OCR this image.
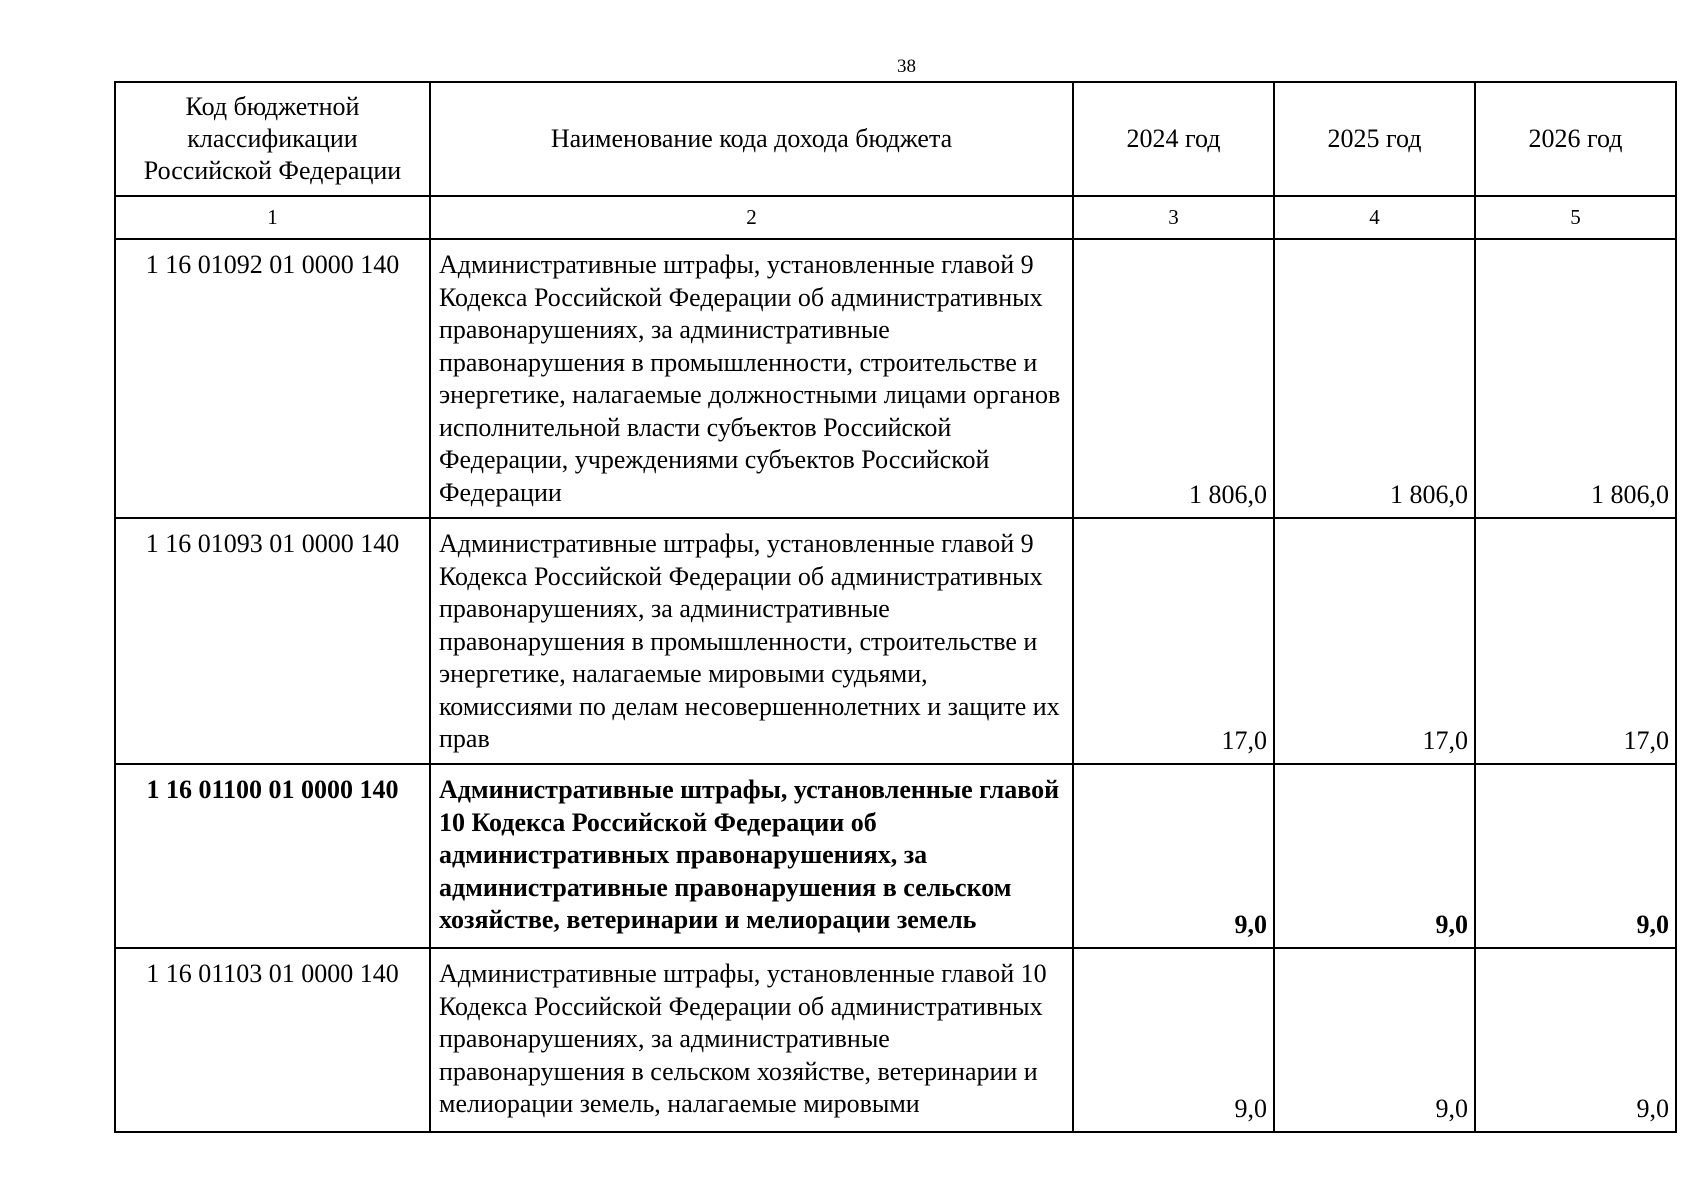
38
Код бюджетной классификации Российской Федерации	Наименование кода дохода бюджета	2024 год	2025 год	2026 год
1	2	3	4	5
1 16 01092 01 0000 140	Административные штрафы, установленные главой 9 Кодекса Российской Федерации об административных правонарушениях, за административные правонарушения в промышленности, строительстве и энергетике, налагаемые должностными лицами органов исполнительной власти субъектов Российской Федерации, учреждениями субъектов Российской Федерации	1 806,0	1 806,0	1 806,0
1 16 01093 01 0000 140	Административные штрафы, установленные главой 9 Кодекса Российской Федерации об административных правонарушениях, за административные правонарушения в промышленности, строительстве и энергетике, налагаемые мировыми судьями, комиссиями по делам несовершеннолетних и защите их прав	17,0	17,0	17,0
1 16 01100 01 0000 140	Административные штрафы, установленные главой 10 Кодекса Российской Федерации об административных правонарушениях, за административные правонарушения в сельском хозяйстве, ветеринарии и мелиорации земель	9,0	9,0	9,0
1 16 01103 01 0000 140	Административные штрафы, установленные главой 10 Кодекса Российской Федерации об административных правонарушениях, за административные правонарушения в сельском хозяйстве, ветеринарии и мелиорации земель, налагаемые мировыми	9,0	9,0	9,0
